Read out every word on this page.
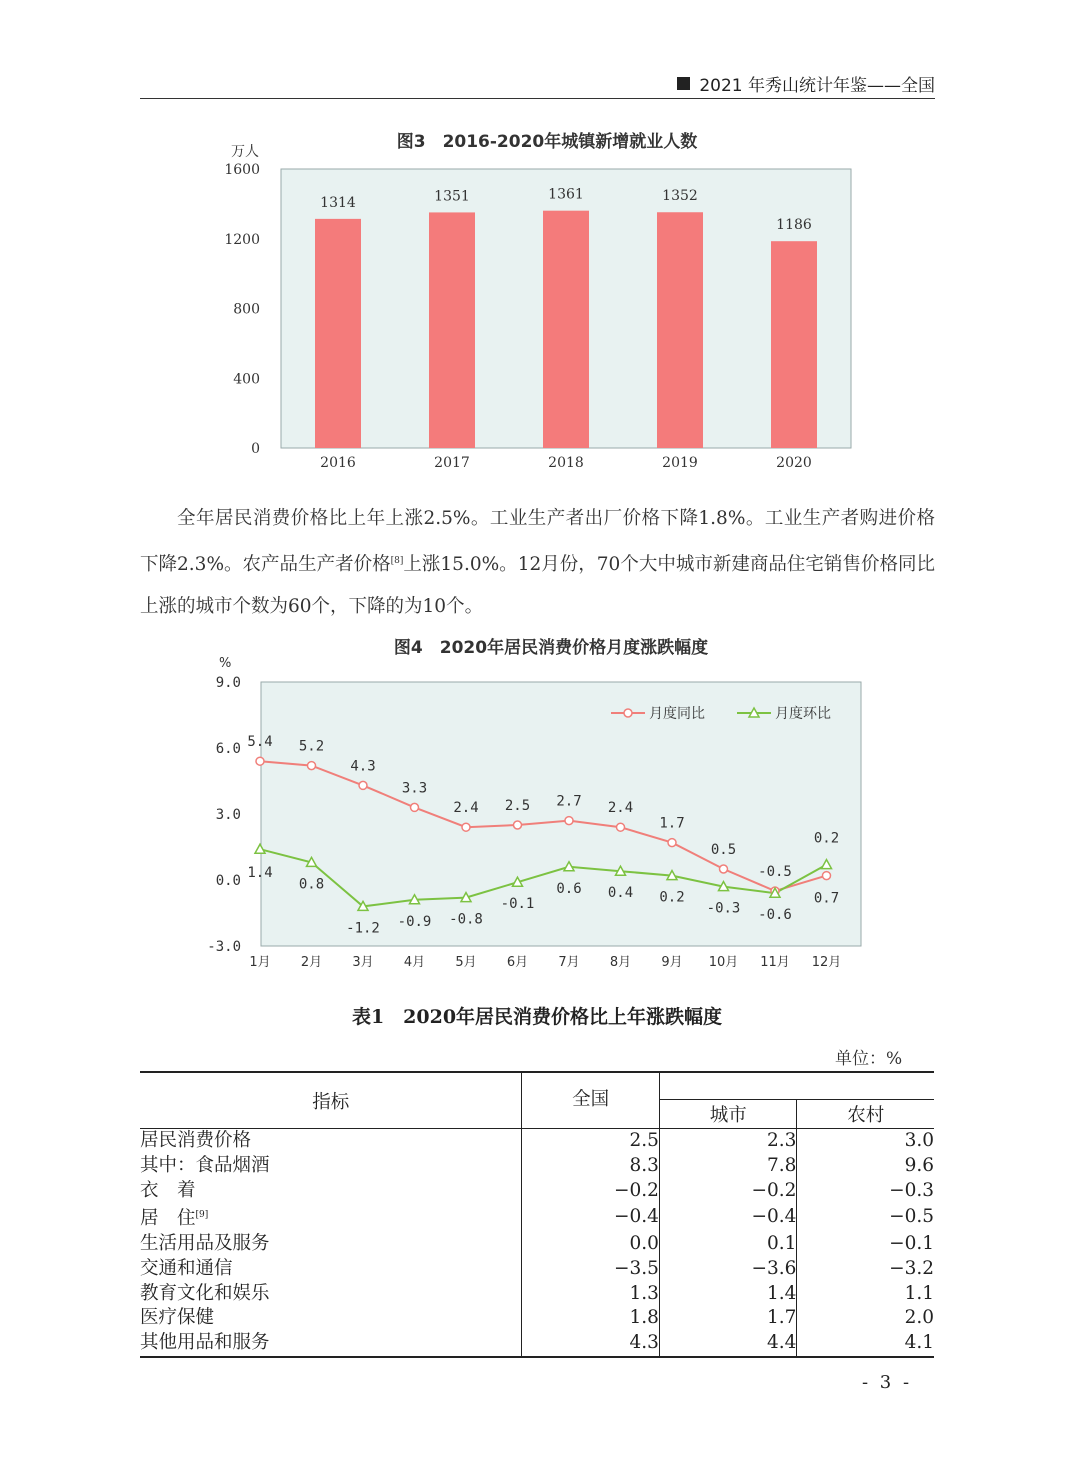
2021 年秀山统计年鉴——全国
图3　2016-2020年城镇新增就业人数
万人
0
400
800
1200
1600
1314	1351	1361	1352
1186
2016	2017	2018	2019	2020

全年居民消费价格比上年上涨2.5%。工业生产者出厂价格下降1.8%。工业生产者购进价格下降2.3%。农产品生产者价格[8]上涨15.0%。12月份，70个大中城市新建商品住宅销售价格同比上涨的城市个数为60个，下降的为10个。

图4　2020年居民消费价格月度涨跌幅度
%
月度同比	月度环比
-3.0
0.0
3.0
6.0
9.0
5.4 5.2
4.3
3.3
2.4 2.5 2.7 2.4
1.7
0.5
-0.5
0.2
1.4
0.8
-1.2 -0.9 -0.8
-0.1
0.6 0.4 0.2
-0.3 -0.6
0.7
1月 2月 3月 4月 5月 6月 7月 8月 9月 10月 11月 12月
表1　2020年居民消费价格比上年涨跌幅度
单位：%
指标	全国		
		城市	农村
居民消费价格	2.5	2.3	3.0
其中：食品烟酒	8.3	7.8	9.6
衣　着	−0.2	−0.2	−0.3
居　住[9]	−0.4	−0.4	−0.5
生活用品及服务	0.0	0.1	−0.1
交通和通信	−3.5	−3.6	−3.2
教育文化和娱乐	1.3	1.4	1.1
医疗保健	1.8	1.7	2.0
其他用品和服务	4.3	4.4	4.1
- 3 -
